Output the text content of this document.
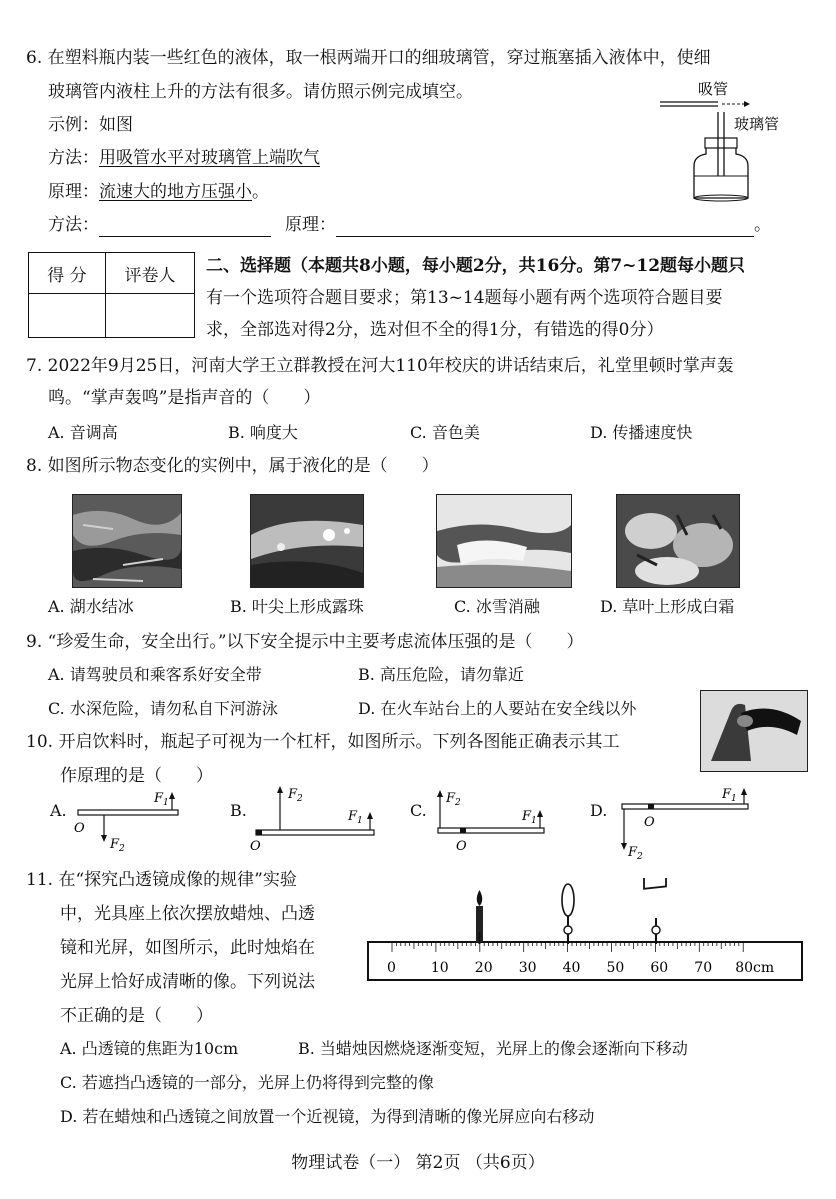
6. 在塑料瓶内装一些红色的液体，取一根两端开口的细玻璃管，穿过瓶塞插入液体中，使细
玻璃管内液柱上升的方法有很多。请仿照示例完成填空。
示例：如图
方法：用吸管水平对玻璃管上端吹气
原理：流速大的地方压强小。
方法：	原理：	。
吸管
玻璃管
得 分	评卷人	二、选择题（本题共8小题，每小题2分，共16分。第7~12题每小题只
有一个选项符合题目要求；第13~14题每小题有两个选项符合题目要
求，全部选对得2分，选对但不全的得1分，有错选的得0分）
7. 2022年9月25日，河南大学王立群教授在河大110年校庆的讲话结束后，礼堂里顿时掌声轰
鸣。“掌声轰鸣”是指声音的（　　）
A. 音调高	B. 响度大	C. 音色美	D. 传播速度快
8. 如图所示物态变化的实例中，属于液化的是（　　）
A. 湖水结冰	B. 叶尖上形成露珠	C. 冰雪消融	D. 草叶上形成白霜
9. “珍爱生命，安全出行。”以下安全提示中主要考虑流体压强的是（　　）
A. 请驾驶员和乘客系好安全带	B. 高压危险，请勿靠近
C. 水深危险，请勿私自下河游泳	D. 在火车站台上的人要站在安全线以外
10. 开启饮料时，瓶起子可视为一个杠杆，如图所示。下列各图能正确表示其工
作原理的是（　　）
A.
$F_1$
$F_2$
O
B.
$F_2$
$F_1$
O
C.
$F_2$
$F_1$
O
D.
$F_1$
$F_2$
O
11. 在“探究凸透镜成像的规律”实验
中，光具座上依次摆放蜡烛、凸透
镜和光屏，如图所示，此时烛焰在
光屏上恰好成清晰的像。下列说法
不正确的是（　　）
0 10 20 30 40 50 60 70 80cm
A. 凸透镜的焦距为10cm	B. 当蜡烛因燃烧逐渐变短，光屏上的像会逐渐向下移动
C. 若遮挡凸透镜的一部分，光屏上仍将得到完整的像
D. 若在蜡烛和凸透镜之间放置一个近视镜，为得到清晰的像光屏应向右移动
物理试卷（一） 第2页 （共6页）
